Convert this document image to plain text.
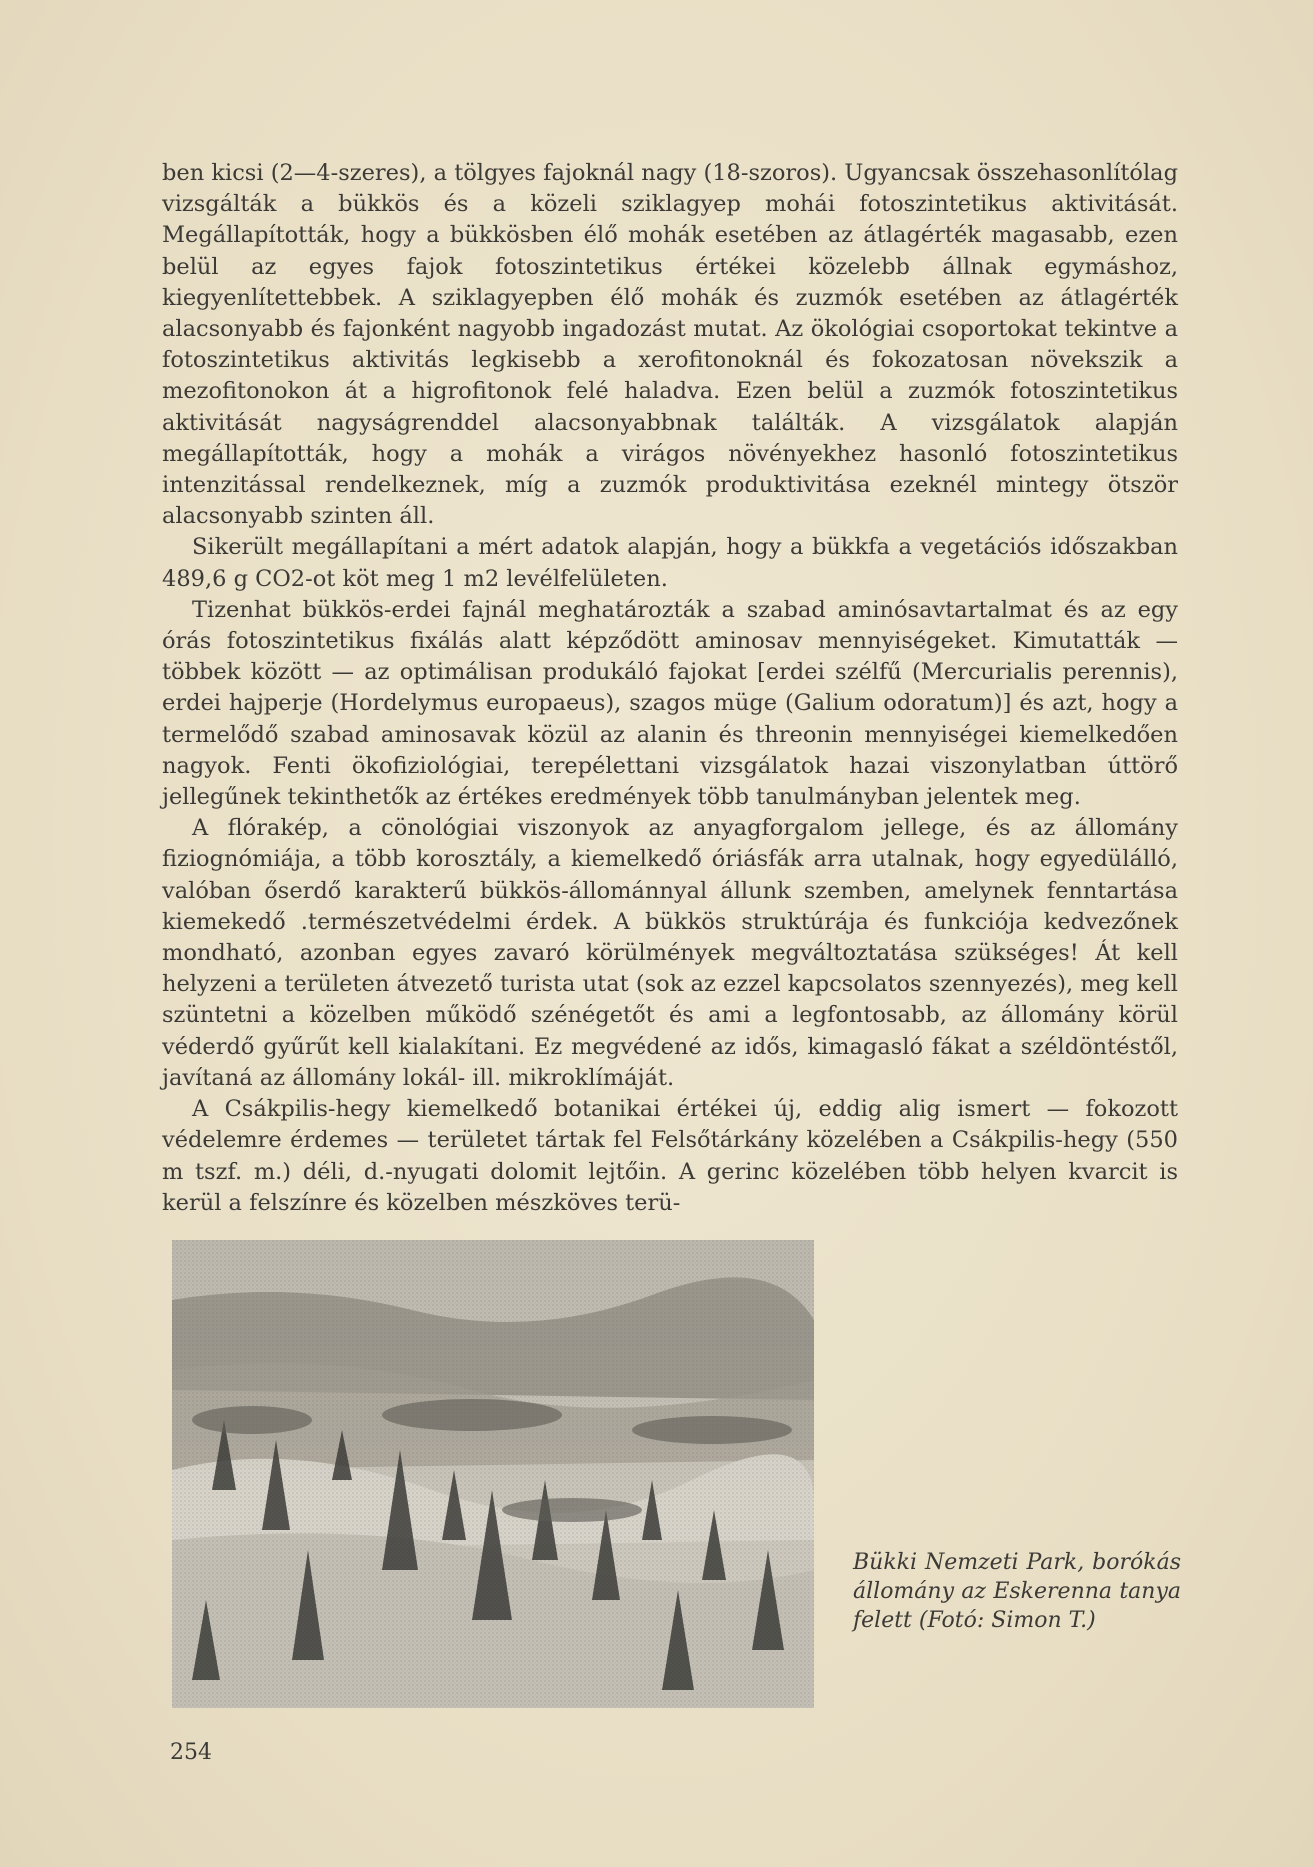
ben kicsi (2—4-szeres), a tölgyes fajoknál nagy (18-szoros). Ugyancsak összehasonlítólag vizsgálták a bükkös és a közeli sziklagyep mohái fotoszintetikus aktivitását. Megállapították, hogy a bükkösben élő mohák esetében az átlagérték magasabb, ezen belül az egyes fajok fotoszintetikus értékei közelebb állnak egymáshoz, kiegyenlítettebbek. A sziklagyepben élő mohák és zuzmók esetében az átlagérték alacsonyabb és fajonként nagyobb ingadozást mutat. Az ökológiai csoportokat tekintve a fotoszintetikus aktivitás legkisebb a xerofitonoknál és fokozatosan növekszik a mezofitonokon át a higrofitonok felé haladva. Ezen belül a zuzmók fotoszintetikus aktivitását nagyságrenddel alacsonyabbnak találták. A vizsgálatok alapján megállapították, hogy a mohák a virágos növényekhez hasonló fotoszintetikus intenzitással rendelkeznek, míg a zuzmók produktivitása ezeknél mintegy ötször alacsonyabb szinten áll.

Sikerült megállapítani a mért adatok alapján, hogy a bükkfa a vegetációs időszakban 489,6 g CO2-ot köt meg 1 m2 levélfelületen.

Tizenhat bükkös-erdei fajnál meghatározták a szabad aminósavtartalmat és az egy órás fotoszintetikus fixálás alatt képződött aminosav mennyiségeket. Kimutatták — többek között — az optimálisan produkáló fajokat [erdei szélfű (Mercurialis perennis), erdei hajperje (Hordelymus europaeus), szagos müge (Galium odoratum)] és azt, hogy a termelődő szabad aminosavak közül az alanin és threonin mennyiségei kiemelkedően nagyok. Fenti ökofiziológiai, terepélettani vizsgálatok hazai viszonylatban úttörő jellegűnek tekinthetők az értékes eredmények több tanulmányban jelentek meg.

A flórakép, a cönológiai viszonyok az anyagforgalom jellege, és az állomány fiziognómiája, a több korosztály, a kiemelkedő óriásfák arra utalnak, hogy egyedülálló, valóban őserdő karakterű bükkös-állománnyal állunk szemben, amelynek fenntartása kiemekedő .természetvédelmi érdek. A bükkös struktúrája és funkciója kedvezőnek mondható, azonban egyes zavaró körülmények megváltoztatása szükséges! Át kell helyzeni a területen átvezető turista utat (sok az ezzel kapcsolatos szennyezés), meg kell szüntetni a közelben működő szénégetőt és ami a legfontosabb, az állomány körül véderdő gyűrűt kell kialakítani. Ez megvédené az idős, kimagasló fákat a széldöntéstől, javítaná az állomány lokál- ill. mikroklímáját.

A Csákpilis-hegy kiemelkedő botanikai értékei új, eddig alig ismert — fokozott védelemre érdemes — területet tártak fel Felsőtárkány közelében a Csákpilis-hegy (550 m tszf. m.) déli, d.-nyugati dolomit lejtőin. A gerinc közelében több helyen kvarcit is kerül a felszínre és közelben mészköves terü-

Bükki Nemzeti Park, borókás állomány az Eskerenna tanya felett (Fotó: Simon T.)
254
